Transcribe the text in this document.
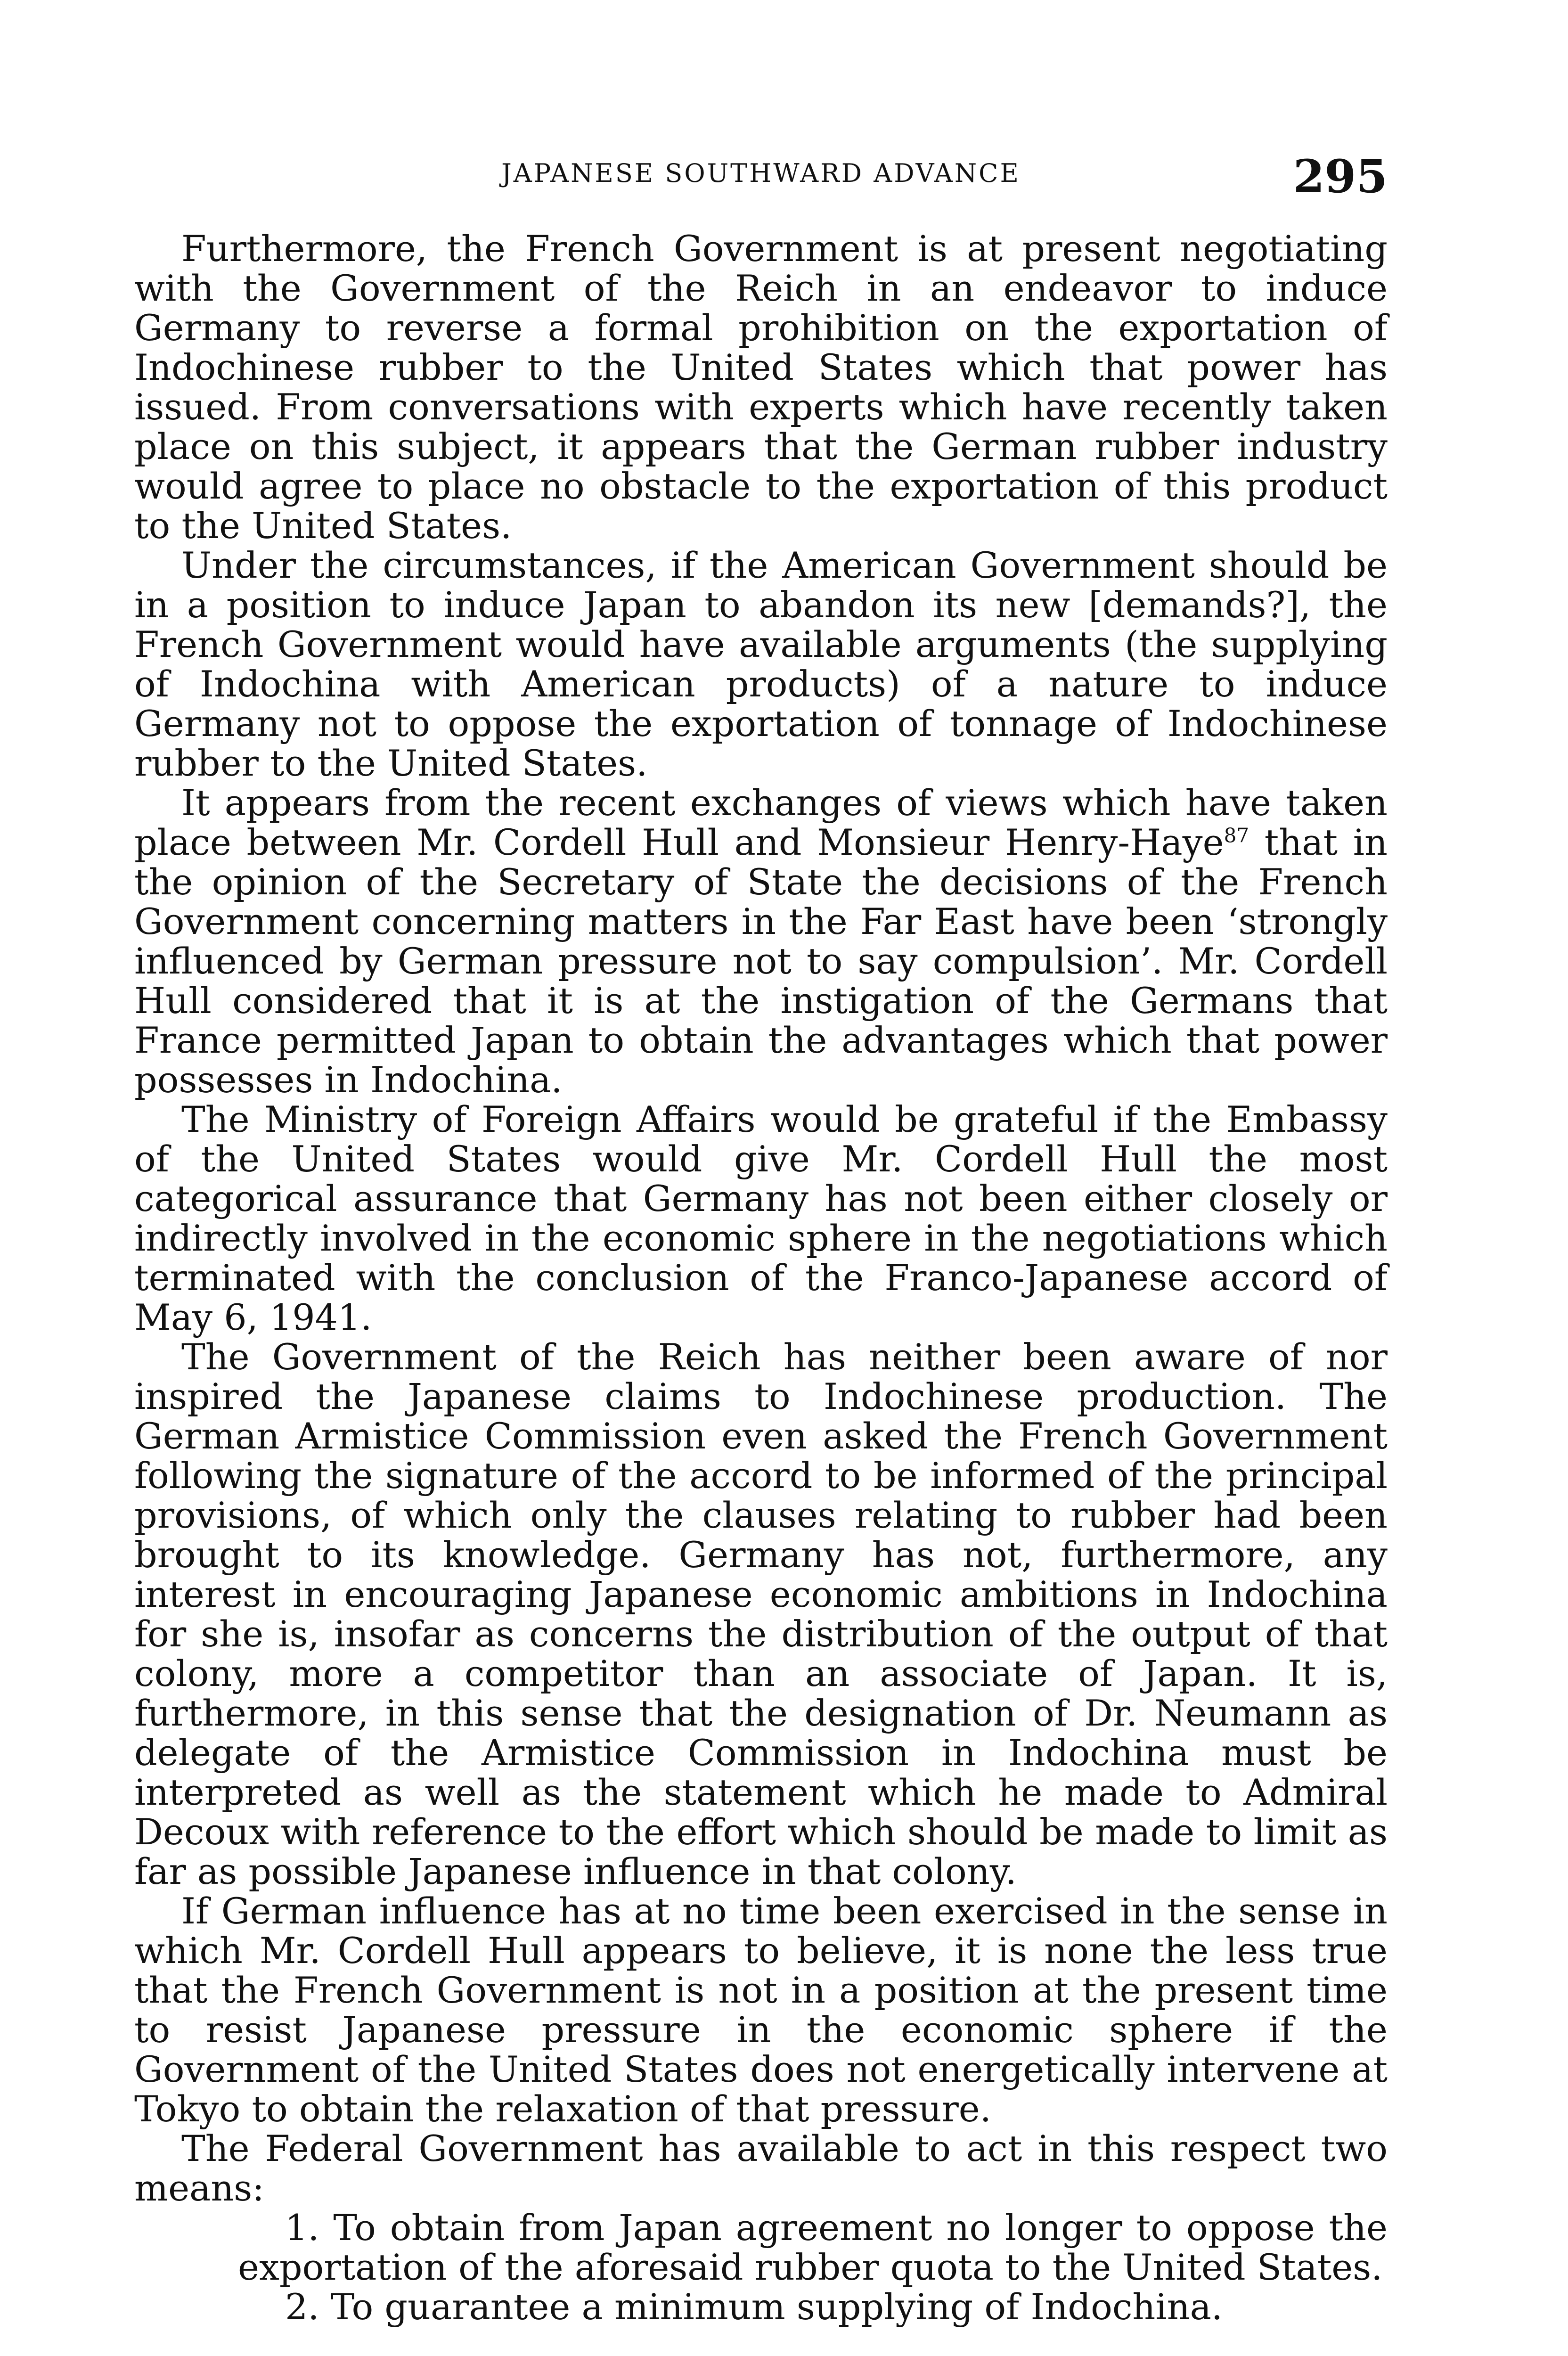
JAPANESE SOUTHWARD ADVANCE	295

Furthermore, the French Government is at present negotiating with the Government of the Reich in an endeavor to induce Germany to reverse a formal prohibition on the exportation of Indochinese rubber to the United States which that power has issued. From conversations with experts which have recently taken place on this subject, it appears that the German rubber industry would agree to place no obstacle to the exportation of this product to the United States.

Under the circumstances, if the American Government should be in a position to induce Japan to abandon its new [demands?], the French Government would have available arguments (the supplying of Indochina with American products) of a nature to induce Germany not to oppose the exportation of tonnage of Indochinese rubber to the United States.

It appears from the recent exchanges of views which have taken place between Mr. Cordell Hull and Monsieur Henry-Haye$^{87}$ that in the opinion of the Secretary of State the decisions of the French Government concerning matters in the Far East have been ‘strongly influenced by German pressure not to say compulsion’. Mr. Cordell Hull considered that it is at the instigation of the Germans that France permitted Japan to obtain the advantages which that power possesses in Indochina.

The Ministry of Foreign Affairs would be grateful if the Embassy of the United States would give Mr. Cordell Hull the most categorical assurance that Germany has not been either closely or indirectly involved in the economic sphere in the negotiations which terminated with the conclusion of the Franco-Japanese accord of May 6, 1941.

The Government of the Reich has neither been aware of nor inspired the Japanese claims to Indochinese production. The German Armistice Commission even asked the French Government following the signature of the accord to be informed of the principal provisions, of which only the clauses relating to rubber had been brought to its knowledge. Germany has not, furthermore, any interest in encouraging Japanese economic ambitions in Indochina for she is, insofar as concerns the distribution of the output of that colony, more a competitor than an associate of Japan. It is, furthermore, in this sense that the designation of Dr. Neumann as delegate of the Armistice Commission in Indochina must be interpreted as well as the statement which he made to Admiral Decoux with reference to the effort which should be made to limit as far as possible Japanese influence in that colony.

If German influence has at no time been exercised in the sense in which Mr. Cordell Hull appears to believe, it is none the less true that the French Government is not in a position at the present time to resist Japanese pressure in the economic sphere if the Government of the United States does not energetically intervene at Tokyo to obtain the relaxation of that pressure.

The Federal Government has available to act in this respect two means:

1. To obtain from Japan agreement no longer to oppose the exportation of the aforesaid rubber quota to the United States.

2. To guarantee a minimum supplying of Indochina.
